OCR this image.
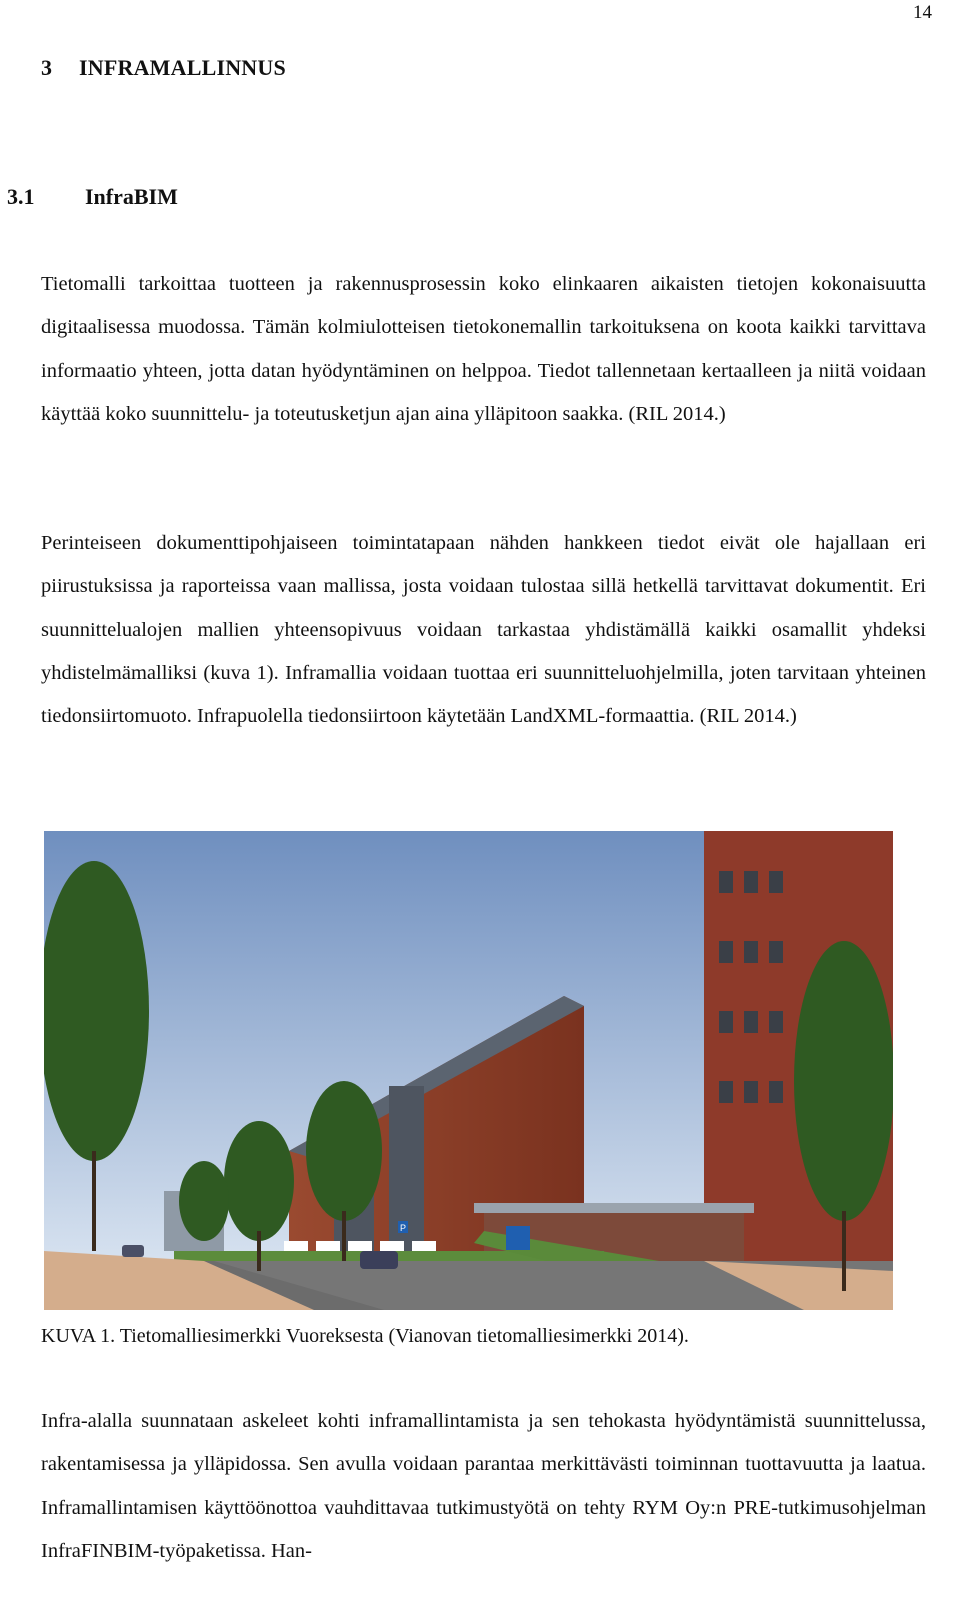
14
3 INFRAMALLINNUS
3.1 InfraBIM

Tietomalli tarkoittaa tuotteen ja rakennusprosessin koko elinkaaren aikaisten tietojen kokonaisuutta digitaalisessa muodossa. Tämän kolmiulotteisen tietokonemallin tarkoituksena on koota kaikki tarvittava informaatio yhteen, jotta datan hyödyntäminen on helppoa. Tiedot tallennetaan kertaalleen ja niitä voidaan käyttää koko suunnittelu- ja toteutusketjun ajan aina ylläpitoon saakka. (RIL 2014.)

Perinteiseen dokumenttipohjaiseen toimintatapaan nähden hankkeen tiedot eivät ole hajallaan eri piirustuksissa ja raporteissa vaan mallissa, josta voidaan tulostaa sillä hetkellä tarvittavat dokumentit. Eri suunnittelualojen mallien yhteensopivuus voidaan tarkastaa yhdistämällä kaikki osamallit yhdeksi yhdistelmämalliksi (kuva 1). Inframallia voidaan tuottaa eri suunnitteluohjelmilla, joten tarvitaan yhteinen tiedonsiirtomuoto. Infrapuolella tiedonsiirtoon käytetään LandXML-formaattia. (RIL 2014.)

P
KUVA 1. Tietomalliesimerkki Vuoreksesta (Vianovan tietomalliesimerkki 2014).

Infra-alalla suunnataan askeleet kohti inframallintamista ja sen tehokasta hyödyntämistä suunnittelussa, rakentamisessa ja ylläpidossa. Sen avulla voidaan parantaa merkittävästi toiminnan tuottavuutta ja laatua. Inframallintamisen käyttöönottoa vauhdittavaa tutkimustyötä on tehty RYM Oy:n PRE-tutkimusohjelman InfraFINBIM-työpaketissa. Han-
